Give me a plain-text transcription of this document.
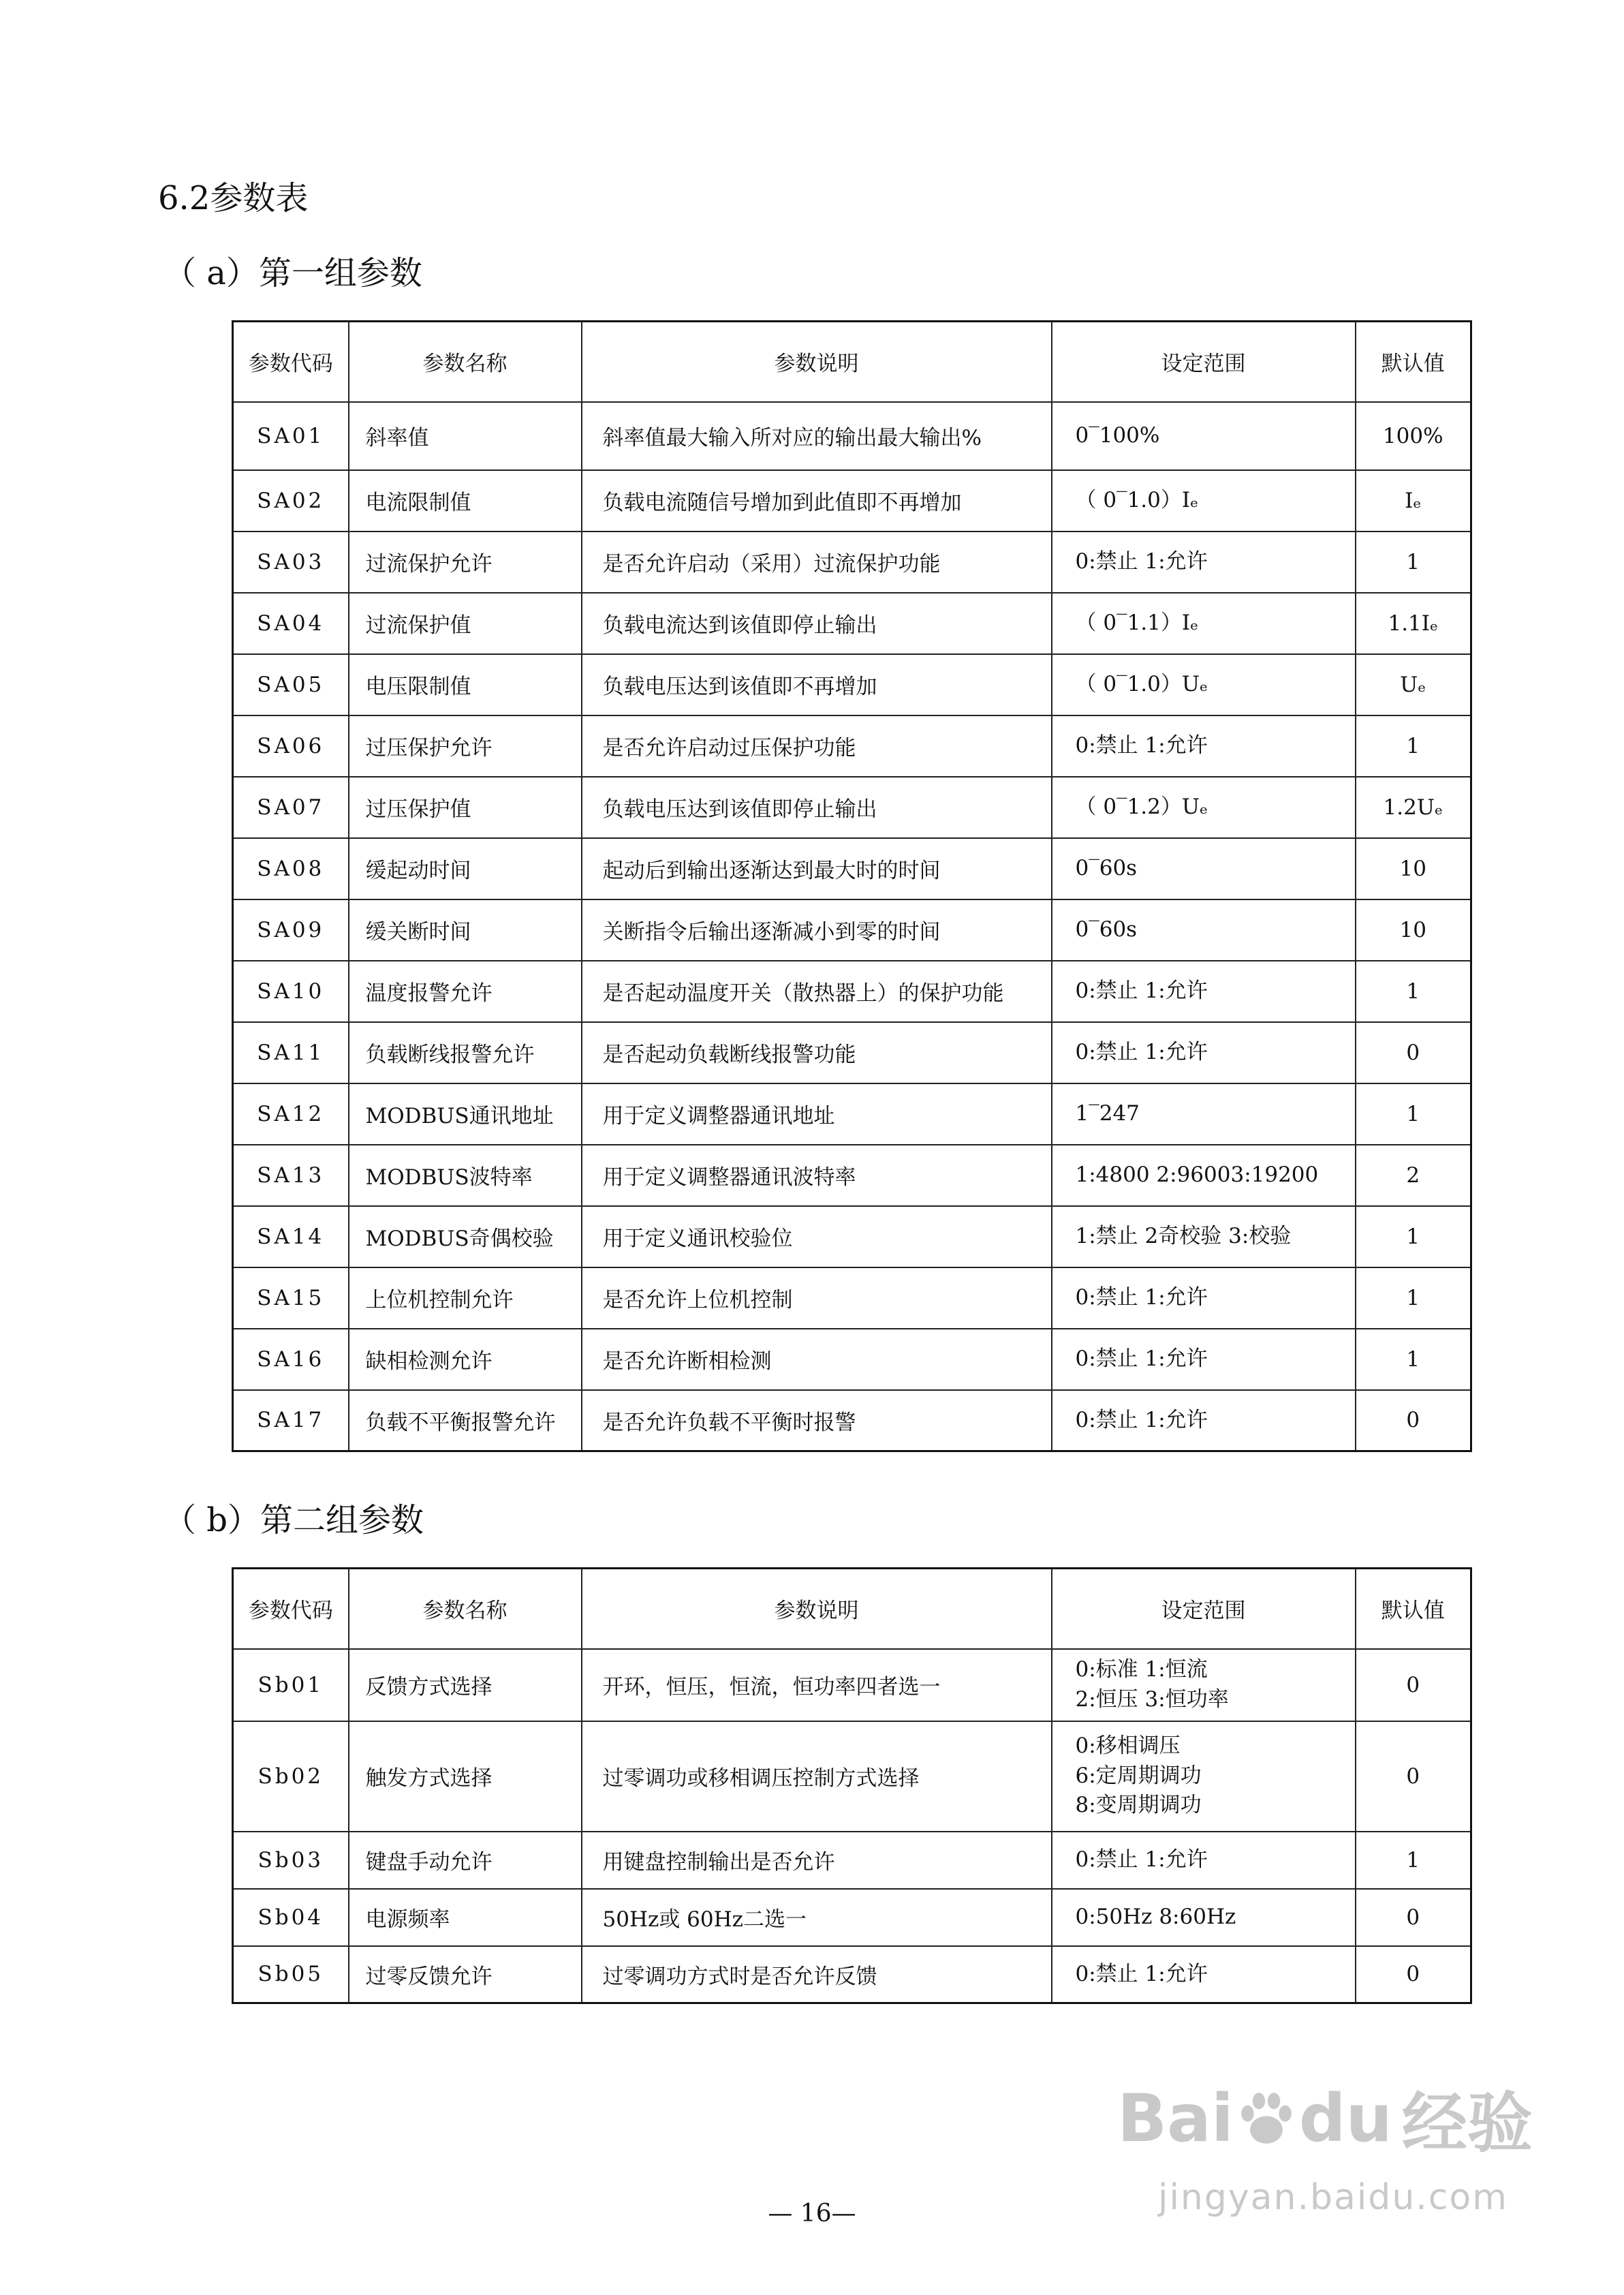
6.2参数表
（ a）第一组参数
参数代码	参数名称	参数说明	设定范围	默认值
SA01	斜率值	斜率值最大输入所对应的输出最大输出%	0‾100%	100%
SA02	电流限制值	负载电流随信号增加到此值即不再增加	（ 0‾1.0）Iₑ	Iₑ
SA03	过流保护允许	是否允许启动（采用）过流保护功能	0:禁止 1:允许	1
SA04	过流保护值	负载电流达到该值即停止输出	（ 0‾1.1）Iₑ	1.1Iₑ
SA05	电压限制值	负载电压达到该值即不再增加	（ 0‾1.0）Uₑ	Uₑ
SA06	过压保护允许	是否允许启动过压保护功能	0:禁止 1:允许	1
SA07	过压保护值	负载电压达到该值即停止输出	（ 0‾1.2）Uₑ	1.2Uₑ
SA08	缓起动时间	起动后到输出逐渐达到最大时的时间	0‾60s	10
SA09	缓关断时间	关断指令后输出逐渐减小到零的时间	0‾60s	10
SA10	温度报警允许	是否起动温度开关（散热器上）的保护功能	0:禁止 1:允许	1
SA11	负载断线报警允许	是否起动负载断线报警功能	0:禁止 1:允许	0
SA12	MODBUS通讯地址	用于定义调整器通讯地址	1‾247	1
SA13	MODBUS波特率	用于定义调整器通讯波特率	1:4800 2:96003:19200	2
SA14	MODBUS奇偶校验	用于定义通讯校验位	1:禁止 2奇校验 3:校验	1
SA15	上位机控制允许	是否允许上位机控制	0:禁止 1:允许	1
SA16	缺相检测允许	是否允许断相检测	0:禁止 1:允许	1
SA17	负载不平衡报警允许	是否允许负载不平衡时报警	0:禁止 1:允许	0
（ b）第二组参数
参数代码	参数名称	参数说明	设定范围	默认值
Sb01	反馈方式选择	开环，恒压，恒流，恒功率四者选一	0:标准 1:恒流
2:恒压 3:恒功率	0
Sb02	触发方式选择	过零调功或移相调压控制方式选择	0:移相调压
6:定周期调功
8:变周期调功	0
Sb03	键盘手动允许	用键盘控制输出是否允许	0:禁止 1:允许	1
Sb04	电源频率	50Hz或 60Hz二选一	0:50Hz 8:60Hz	0
Sb05	过零反馈允许	过零调功方式时是否允许反馈	0:禁止 1:允许	0
— 16—
Bai du 经验
jingyan.baidu.com
